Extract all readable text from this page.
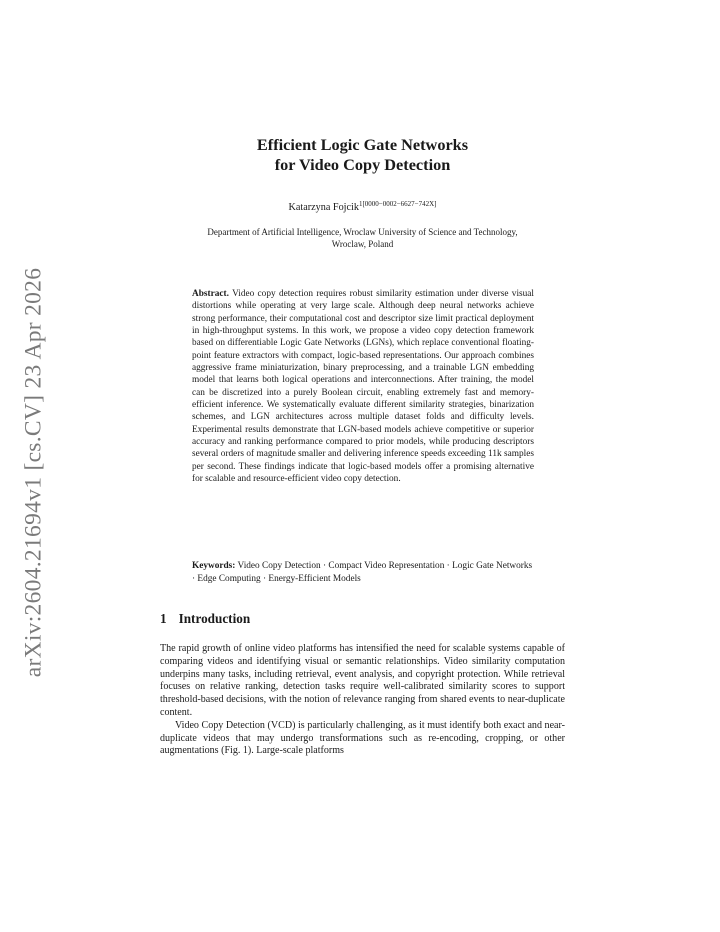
arXiv:2604.21694v1 [cs.CV] 23 Apr 2026
Efficient Logic Gate Networks
for Video Copy Detection
Katarzyna Fojcik$^{1[0000-0002-6627-742X]}$
Department of Artificial Intelligence, Wroclaw University of Science and Technology,
Wroclaw, Poland
Abstract. Video copy detection requires robust similarity estimation under diverse visual distortions while operating at very large scale. Although deep neural networks achieve strong performance, their computational cost and descriptor size limit practical deployment in high-throughput systems. In this work, we propose a video copy detection framework based on differentiable Logic Gate Networks (LGNs), which replace conventional floating-point feature extractors with compact, logic-based representations. Our approach combines aggressive frame miniaturization, binary preprocessing, and a trainable LGN embedding model that learns both logical operations and interconnections. After training, the model can be discretized into a purely Boolean circuit, enabling extremely fast and memory-efficient inference. We systematically evaluate different similarity strategies, binarization schemes, and LGN architectures across multiple dataset folds and difficulty levels. Experimental results demonstrate that LGN-based models achieve competitive or superior accuracy and ranking performance compared to prior models, while producing descriptors several orders of magnitude smaller and delivering inference speeds exceeding 11k samples per second. These findings indicate that logic-based models offer a promising alternative for scalable and resource-efficient video copy detection.
Keywords: Video Copy Detection · Compact Video Representation · Logic Gate Networks · Edge Computing · Energy-Efficient Models
1 Introduction

The rapid growth of online video platforms has intensified the need for scalable systems capable of comparing videos and identifying visual or semantic relationships. Video similarity computation underpins many tasks, including retrieval, event analysis, and copyright protection. While retrieval focuses on relative ranking, detection tasks require well-calibrated similarity scores to support threshold-based decisions, with the notion of relevance ranging from shared events to near-duplicate content.

Video Copy Detection (VCD) is particularly challenging, as it must identify both exact and near-duplicate videos that may undergo transformations such as re-encoding, cropping, or other augmentations (Fig. 1). Large-scale platforms
